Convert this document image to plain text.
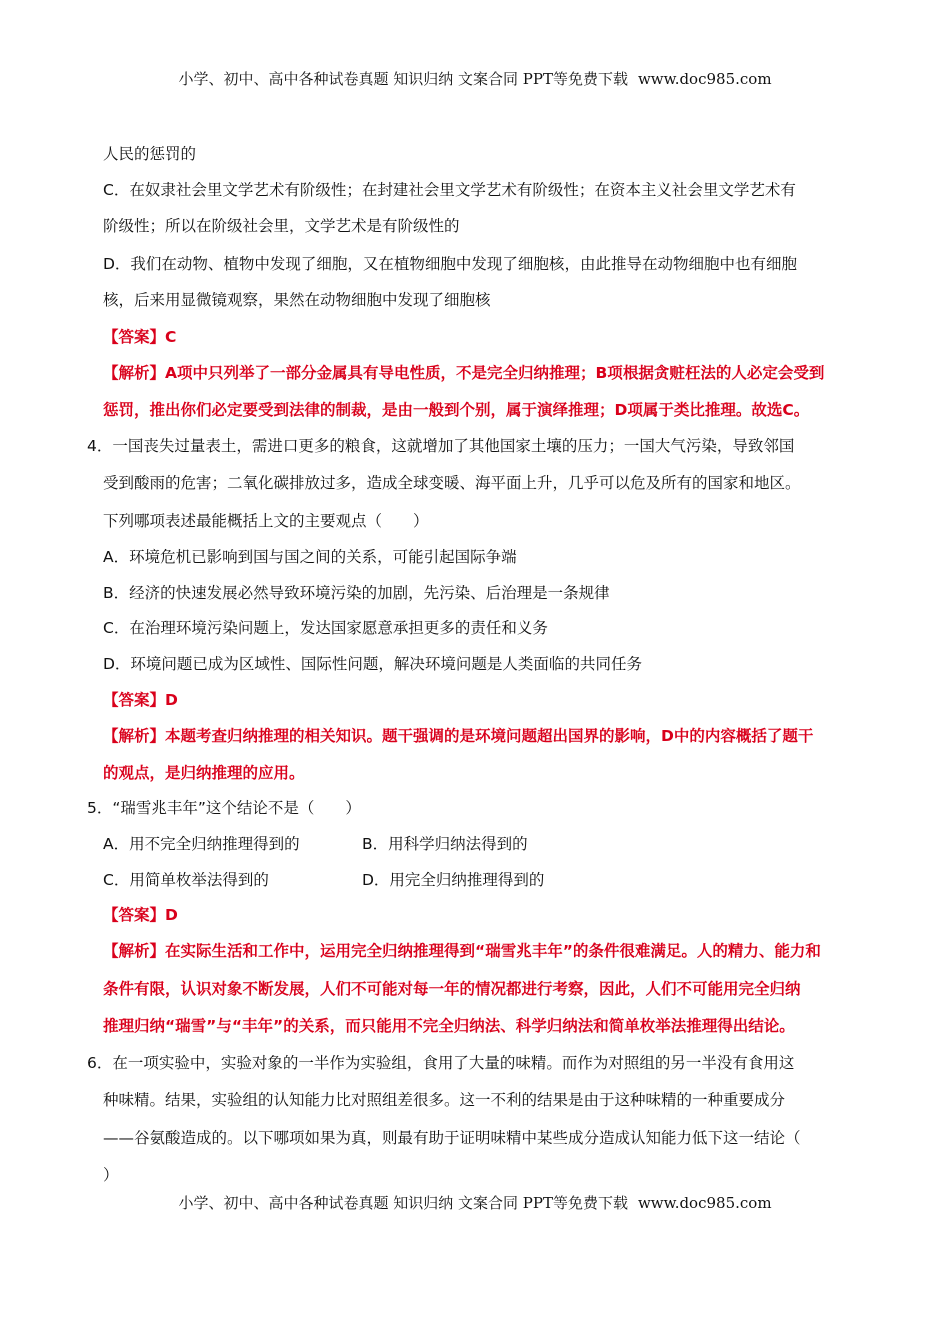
小学、初中、高中各种试卷真题 知识归纳 文案合同 PPT等免费下载 www.doc985.com
人民的惩罚的
C．在奴隶社会里文学艺术有阶级性；在封建社会里文学艺术有阶级性；在资本主义社会里文学艺术有
阶级性；所以在阶级社会里，文学艺术是有阶级性的
D．我们在动物、植物中发现了细胞，又在植物细胞中发现了细胞核，由此推导在动物细胞中也有细胞
核，后来用显微镜观察，果然在动物细胞中发现了细胞核
【答案】C
【解析】A项中只列举了一部分金属具有导电性质，不是完全归纳推理；B项根据贪赃枉法的人必定会受到
惩罚，推出你们必定要受到法律的制裁，是由一般到个别，属于演绎推理；D项属于类比推理。故选C。
4．一国丧失过量表土，需进口更多的粮食，这就增加了其他国家土壤的压力；一国大气污染，导致邻国
受到酸雨的危害；二氧化碳排放过多，造成全球变暖、海平面上升，几乎可以危及所有的国家和地区。
下列哪项表述最能概括上文的主要观点（　　）
A．环境危机已影响到国与国之间的关系，可能引起国际争端
B．经济的快速发展必然导致环境污染的加剧，先污染、后治理是一条规律
C．在治理环境污染问题上，发达国家愿意承担更多的责任和义务
D．环境问题已成为区域性、国际性问题，解决环境问题是人类面临的共同任务
【答案】D
【解析】本题考查归纳推理的相关知识。题干强调的是环境问题超出国界的影响，D中的内容概括了题干
的观点，是归纳推理的应用。
5．“瑞雪兆丰年”这个结论不是（　　）
A．用不完全归纳推理得到的	B．用科学归纳法得到的
C．用简单枚举法得到的	D．用完全归纳推理得到的
【答案】D
【解析】在实际生活和工作中，运用完全归纳推理得到“瑞雪兆丰年”的条件很难满足。人的精力、能力和
条件有限，认识对象不断发展，人们不可能对每一年的情况都进行考察，因此，人们不可能用完全归纳
推理归纳“瑞雪”与“丰年”的关系，而只能用不完全归纳法、科学归纳法和简单枚举法推理得出结论。
6．在一项实验中，实验对象的一半作为实验组，食用了大量的味精。而作为对照组的另一半没有食用这
种味精。结果，实验组的认知能力比对照组差很多。这一不利的结果是由于这种味精的一种重要成分
——谷氨酸造成的。以下哪项如果为真，则最有助于证明味精中某些成分造成认知能力低下这一结论（
）
小学、初中、高中各种试卷真题 知识归纳 文案合同 PPT等免费下载 www.doc985.com
